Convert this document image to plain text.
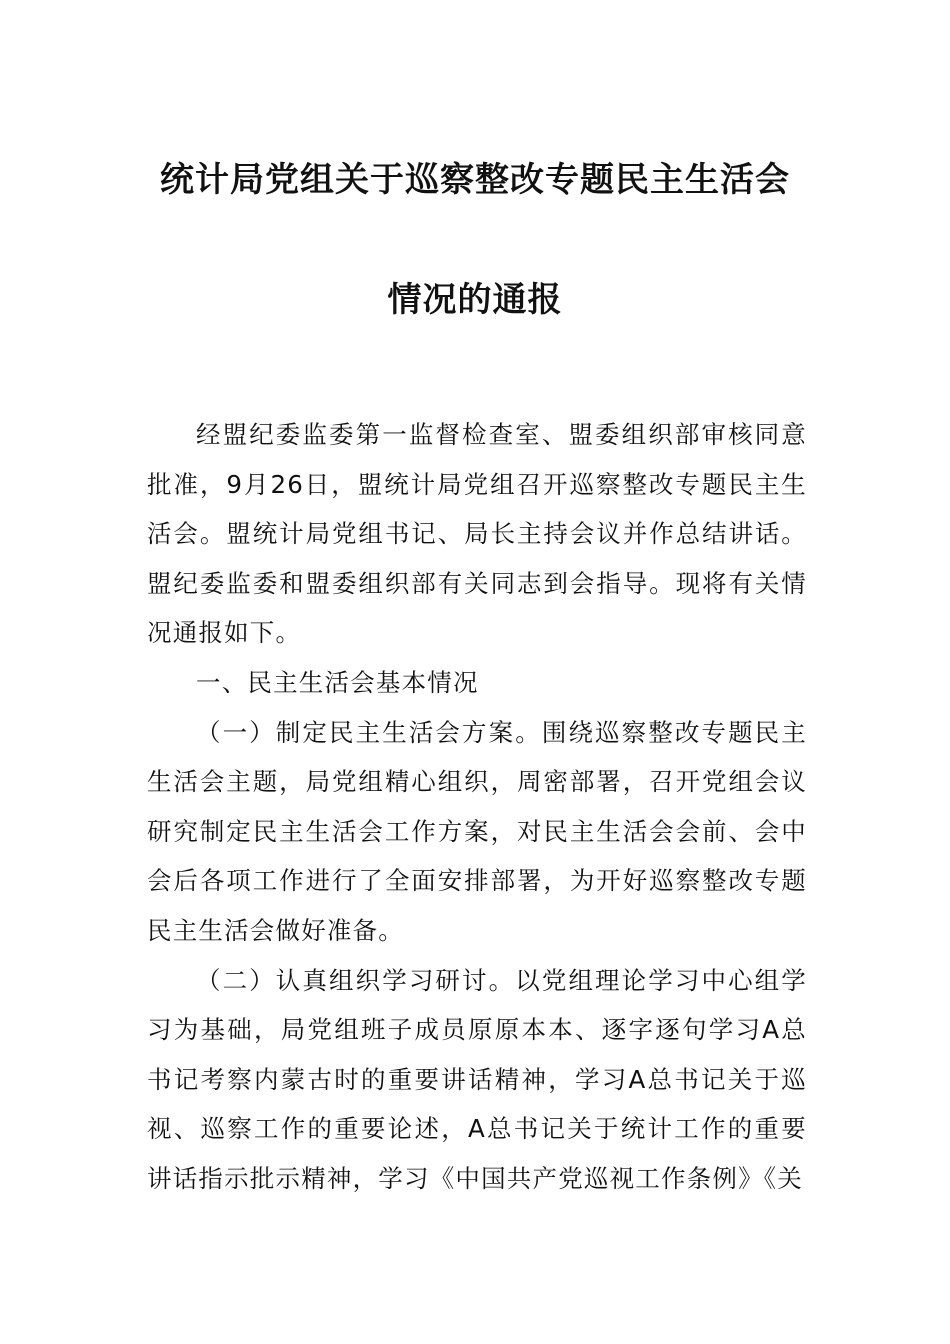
统计局党组关于巡察整改专题民主生活会
情况的通报

经盟纪委监委第一监督检查室、盟委组织部审核同意批准，9月26日，盟统计局党组召开巡察整改专题民主生活会。盟统计局党组书记、局长主持会议并作总结讲话。盟纪委监委和盟委组织部有关同志到会指导。现将有关情况通报如下。

一、民主生活会基本情况

（一）制定民主生活会方案。围绕巡察整改专题民主生活会主题，局党组精心组织，周密部署，召开党组会议研究制定民主生活会工作方案，对民主生活会会前、会中会后各项工作进行了全面安排部署，为开好巡察整改专题民主生活会做好准备。

（二）认真组织学习研讨。以党组理论学习中心组学习为基础，局党组班子成员原原本本、逐字逐句学习A总书记考察内蒙古时的重要讲话精神，学习A总书记关于巡视、巡察工作的重要论述，A总书记关于统计工作的重要讲话指示批示精神，学习《中国共产党巡视工作条例》《关
